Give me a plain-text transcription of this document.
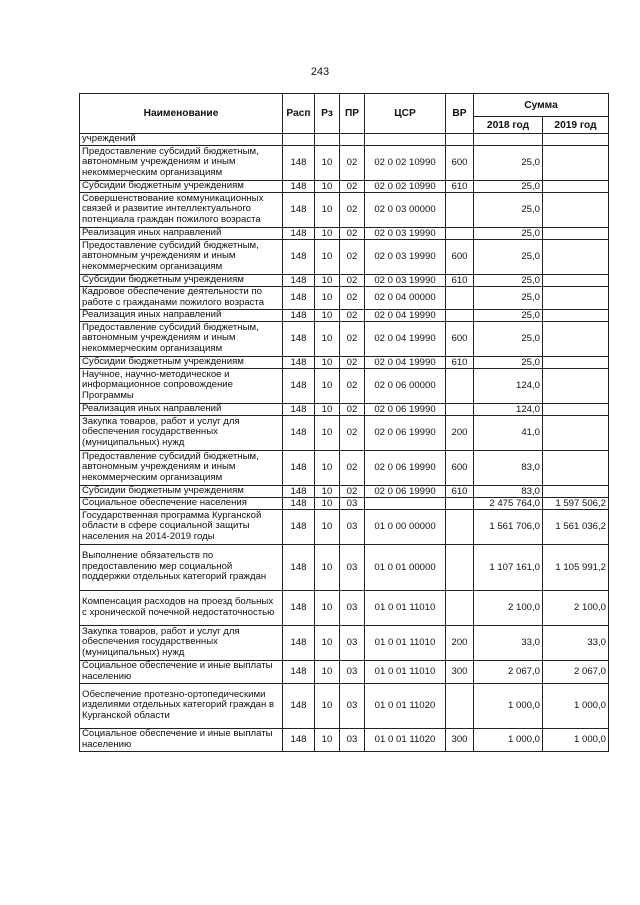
243
Наименование	Расп	Рз	ПР	ЦСР	ВР	Сумма	
						2018 год	2019 год
учреждений							
Предоставление субсидий бюджетным, автономным учреждениям и иным некоммерческим организациям	148	10	02	02 0 02 10990	600	25,0	
Субсидии бюджетным учреждениям	148	10	02	02 0 02 10990	610	25,0	
Совершенствование коммуникационных связей и развитие интеллектуального потенциала граждан пожилого возраста	148	10	02	02 0 03 00000		25,0	
Реализация иных направлений	148	10	02	02 0 03 19990		25,0	
Предоставление субсидий бюджетным, автономным учреждениям и иным некоммерческим организациям	148	10	02	02 0 03 19990	600	25,0	
Субсидии бюджетным учреждениям	148	10	02	02 0 03 19990	610	25,0	
Кадровое обеспечение деятельности по работе с гражданами пожилого возраста	148	10	02	02 0 04 00000		25,0	
Реализация иных направлений	148	10	02	02 0 04 19990		25,0	
Предоставление субсидий бюджетным, автономным учреждениям и иным некоммерческим организациям	148	10	02	02 0 04 19990	600	25,0	
Субсидии бюджетным учреждениям	148	10	02	02 0 04 19990	610	25,0	
Научное, научно-методическое и информационное сопровождение Программы	148	10	02	02 0 06 00000		124,0	
Реализация иных направлений	148	10	02	02 0 06 19990		124,0	
Закупка товаров, работ и услуг для обеспечения государственных (муниципальных) нужд	148	10	02	02 0 06 19990	200	41,0	
Предоставление субсидий бюджетным, автономным учреждениям и иным некоммерческим организациям	148	10	02	02 0 06 19990	600	83,0	
Субсидии бюджетным учреждениям	148	10	02	02 0 06 19990	610	83,0	
Социальное обеспечение населения	148	10	03			2 475 764,0	1 597 506,2
Государственная программа Курганской области в сфере социальной защиты населения на 2014-2019 годы	148	10	03	01 0 00 00000		1 561 706,0	1 561 036,2
Выполнение обязательств по предоставлению мер социальной поддержки отдельных категорий граждан	148	10	03	01 0 01 00000		1 107 161,0	1 105 991,2
Компенсация расходов на проезд больных с хронической почечной недостаточностью	148	10	03	01 0 01 11010		2 100,0	2 100,0
Закупка товаров, работ и услуг для обеспечения государственных (муниципальных) нужд	148	10	03	01 0 01 11010	200	33,0	33,0
Социальное обеспечение и иные выплаты населению	148	10	03	01 0 01 11010	300	2 067,0	2 067,0
Обеспечение протезно-ортопедическими изделиями отдельных категорий граждан в Курганской области	148	10	03	01 0 01 11020		1 000,0	1 000,0
Социальное обеспечение и иные выплаты населению	148	10	03	01 0 01 11020	300	1 000,0	1 000,0
